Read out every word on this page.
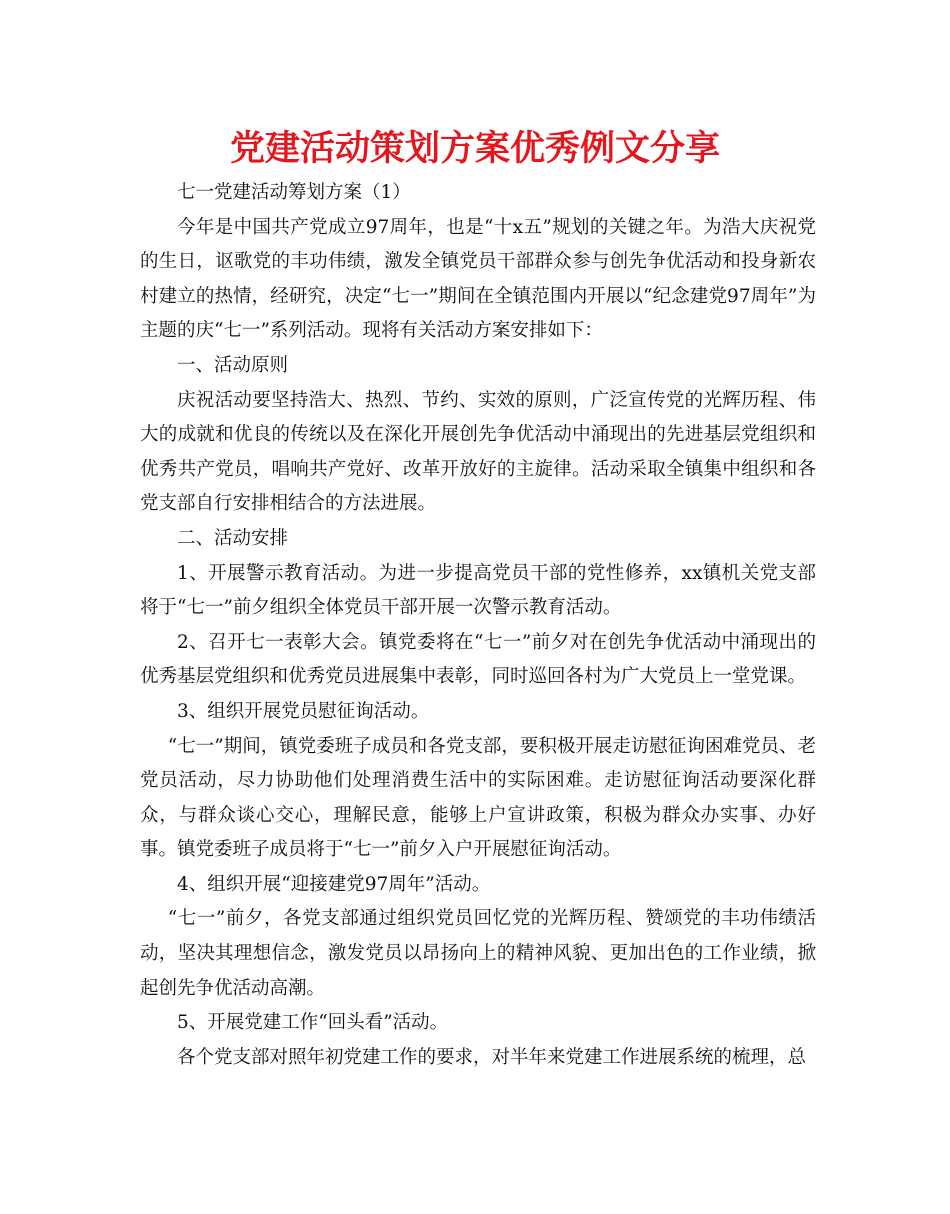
党建活动策划方案优秀例文分享

七一党建活动筹划方案（1）

今年是中国共产党成立97周年，也是“十x五”规划的关键之年。为浩大庆祝党的生日，讴歌党的丰功伟绩，激发全镇党员干部群众参与创先争优活动和投身新农村建立的热情，经研究，决定“七一”期间在全镇范围内开展以“纪念建党97周年”为主题的庆“七一”系列活动。现将有关活动方案安排如下：

一、活动原则

庆祝活动要坚持浩大、热烈、节约、实效的原则，广泛宣传党的光辉历程、伟大的成就和优良的传统以及在深化开展创先争优活动中涌现出的先进基层党组织和优秀共产党员，唱响共产党好、改革开放好的主旋律。活动采取全镇集中组织和各党支部自行安排相结合的方法进展。

二、活动安排

1、开展警示教育活动。为进一步提高党员干部的党性修养，xx镇机关党支部将于“七一”前夕组织全体党员干部开展一次警示教育活动。

2、召开七一表彰大会。镇党委将在“七一”前夕对在创先争优活动中涌现出的优秀基层党组织和优秀党员进展集中表彰，同时巡回各村为广大党员上一堂党课。

3、组织开展党员慰征询活动。

“七一”期间，镇党委班子成员和各党支部，要积极开展走访慰征询困难党员、老党员活动，尽力协助他们处理消费生活中的实际困难。走访慰征询活动要深化群众，与群众谈心交心，理解民意，能够上户宣讲政策，积极为群众办实事、办好事。镇党委班子成员将于“七一”前夕入户开展慰征询活动。

4、组织开展“迎接建党97周年”活动。

“七一”前夕，各党支部通过组织党员回忆党的光辉历程、赞颂党的丰功伟绩活动，坚决其理想信念，激发党员以昂扬向上的精神风貌、更加出色的工作业绩，掀起创先争优活动高潮。

5、开展党建工作“回头看”活动。

各个党支部对照年初党建工作的要求，对半年来党建工作进展系统的梳理，总
